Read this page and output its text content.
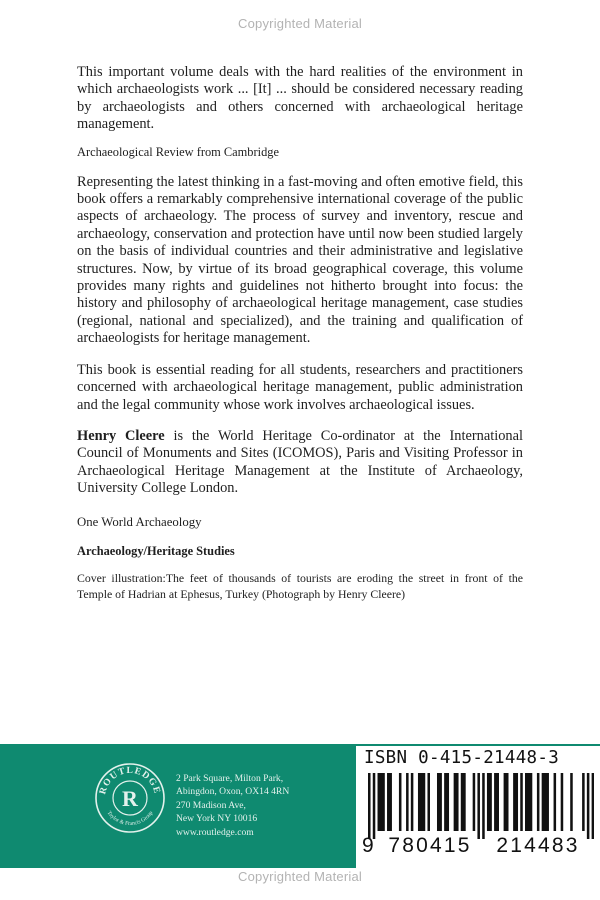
Copyrighted Material

This important volume deals with the hard realities of the environment in which archaeologists work ... [It] ... should be considered necessary reading by archaeologists and others concerned with archaeological heritage management.

Archaeological Review from Cambridge

Representing the latest thinking in a fast-moving and often emotive field, this book offers a remarkably comprehensive international coverage of the public aspects of archaeology. The process of survey and inventory, rescue and archaeology, conservation and protection have until now been studied largely on the basis of individual countries and their administrative and legislative structures. Now, by virtue of its broad geographical coverage, this volume provides many rights and guidelines not hitherto brought into focus: the history and philosophy of archaeological heritage management, case studies (regional, national and specialized), and the training and qualification of archaeologists for heritage management.

This book is essential reading for all students, researchers and practitioners concerned with archaeological heritage management, public administration and the legal community whose work involves archaeological issues.

Henry Cleere is the World Heritage Co-ordinator at the International Council of Monuments and Sites (ICOMOS), Paris and Visiting Professor in Archaeological Heritage Management at the Institute of Archaeology, University College London.

One World Archaeology

Archaeology/Heritage Studies

Cover illustration:The feet of thousands of tourists are eroding the street in front of the Temple of Hadrian at Ephesus, Turkey (Photograph by Henry Cleere)

ROUTLEDGE
Taylor & Francis Group
R
2 Park Square, Milton Park,
Abingdon, Oxon, OX14 4RN
270 Madison Ave,
New York NY 10016
www.routledge.com
ISBN 0-415-21448-3
9 780415	214483
Copyrighted Material
